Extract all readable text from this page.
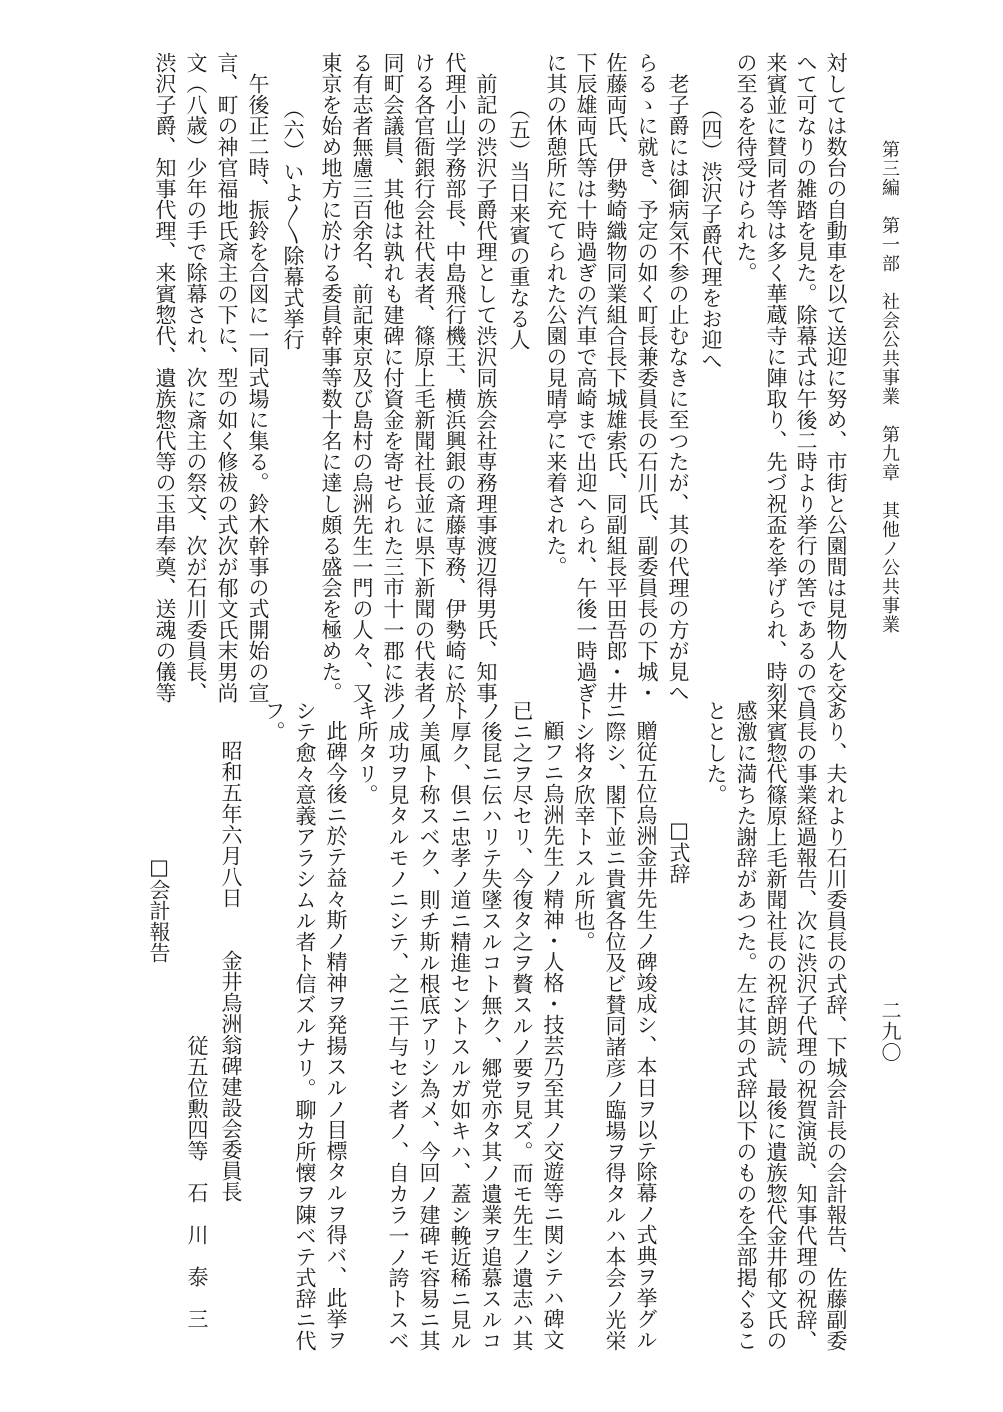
第三編　第一部　社会公共事業　第九章　其他ノ公共事業
二九〇
対しては数台の自動車を以て送迎に努め、市街と公園間は見物人を交
へて可なりの雑踏を見た。除幕式は午後二時より挙行の筈であるので
来賓並に賛同者等は多く華蔵寺に陣取り、先づ祝盃を挙げられ、時刻
の至るを待受けられた。
（四）渋沢子爵代理をお迎へ
老子爵には御病気不参の止むなきに至つたが、其の代理の方が見へ
らるゝに就き、予定の如く町長兼委員長の石川氏、副委員長の下城・
佐藤両氏、伊勢崎織物同業組合長下城雄索氏、同副組長平田吾郎・井
下辰雄両氏等は十時過ぎの汽車で高崎まで出迎へられ、午後一時過ぎ
に其の休憩所に充てられた公園の見晴亭に来着された。
（五）当日来賓の重なる人
前記の渋沢子爵代理として渋沢同族会社専務理事渡辺得男氏、知事
代理小山学務部長、中島飛行機王、横浜興銀の斎藤専務、伊勢崎に於
ける各官衙銀行会社代表者、篠原上毛新聞社長並に県下新聞の代表者
同町会議員、其他は孰れも建碑に付資金を寄せられた三市十一郡に渉
る有志者無慮三百余名、前記東京及び島村の烏洲先生一門の人々、又
東京を始め地方に於ける委員幹事等数十名に達し頗る盛会を極めた。
（六）いよ〳〵除幕式挙行
午後正二時、振鈴を合図に一同式場に集る。鈴木幹事の式開始の宣
言、町の神官福地氏斎主の下に、型の如く修祓の式次が郁文氏末男尚
文（八歳）少年の手で除幕され、次に斎主の祭文、次が石川委員長、
渋沢子爵、知事代理、来賓惣代、遺族惣代等の玉串奉奠、送魂の儀等
あり、夫れより石川委員長の式辞、下城会計長の会計報告、佐藤副委
員長の事業経過報告、次に渋沢子代理の祝賀演説、知事代理の祝辞、
来賓惣代篠原上毛新聞社長の祝辞朗読、最後に遺族惣代金井郁文氏の
感激に満ちた謝辞があつた。左に其の式辞以下のものを全部掲ぐるこ
ととした。
□式辞
贈従五位烏洲金井先生ノ碑竣成シ、本日ヲ以テ除幕ノ式典ヲ挙グル
ニ際シ、閣下並ニ貴賓各位及ビ賛同諸彦ノ臨場ヲ得タルハ本会ノ光栄
トシ将タ欣幸トスル所也。
顧フニ烏洲先生ノ精神・人格・技芸乃至其ノ交遊等ニ関シテハ碑文
已ニ之ヲ尽セリ、今復タ之ヲ贅スルノ要ヲ見ズ。而モ先生ノ遺志ハ其
ノ後昆ニ伝ハリテ失墜スルコト無ク、郷党亦タ其ノ遺業ヲ追慕スルコ
ト厚ク、倶ニ忠孝ノ道ニ精進セントスルガ如キハ、蓋シ輓近稀ニ見ル
ノ美風ト称スベク、則チ斯ル根底アリシ為メ、今回ノ建碑モ容易ニ其
ノ成功ヲ見タルモノニシテ、之ニ干与セシ者ノ、自カラ一ノ誇トスベ
キ所タリ。
此碑今後ニ於テ益々斯ノ精神ヲ発揚スルノ目標タルヲ得バ、此挙ヲ
シテ愈々意義アラシムル者ト信ズルナリ。聊カ所懐ヲ陳ベテ式辞ニ代
フ。
昭和五年六月八日　　金井烏洲翁碑建設会委員長
従五位勲四等　石　川　泰　三
□会計報告
